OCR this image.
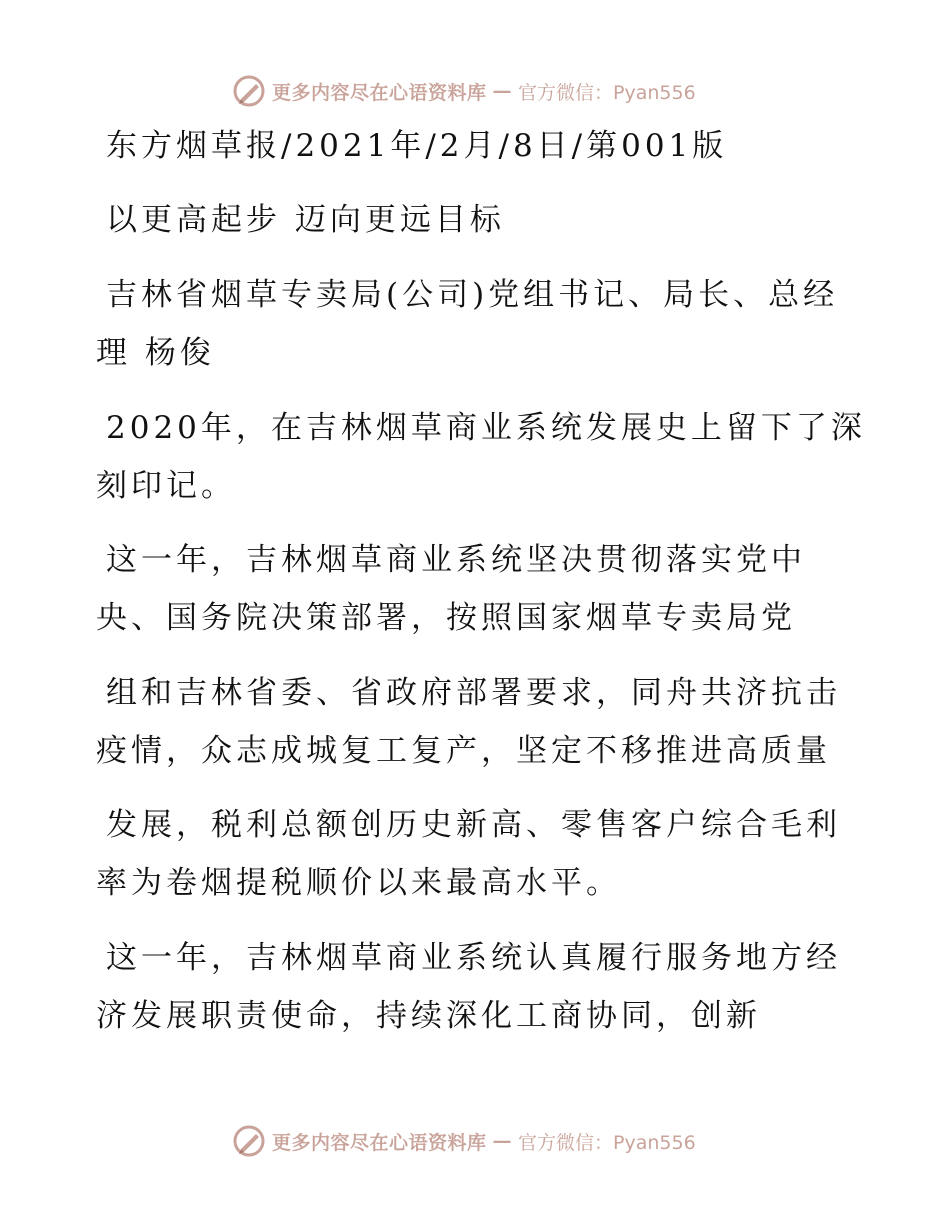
更多内容尽在心语资料库 — 官方微信：Pyan556
东方烟草报/2021年/2月/8日/第001版
以更高起步 迈向更远目标
吉林省烟草专卖局(公司)党组书记、局长、总经
理 杨俊
2020年，在吉林烟草商业系统发展史上留下了深
刻印记。
这一年，吉林烟草商业系统坚决贯彻落实党中
央、国务院决策部署，按照国家烟草专卖局党
组和吉林省委、省政府部署要求，同舟共济抗击
疫情，众志成城复工复产，坚定不移推进高质量
发展，税利总额创历史新高、零售客户综合毛利
率为卷烟提税顺价以来最高水平。
这一年，吉林烟草商业系统认真履行服务地方经
济发展职责使命，持续深化工商协同，创新
更多内容尽在心语资料库 — 官方微信：Pyan556
